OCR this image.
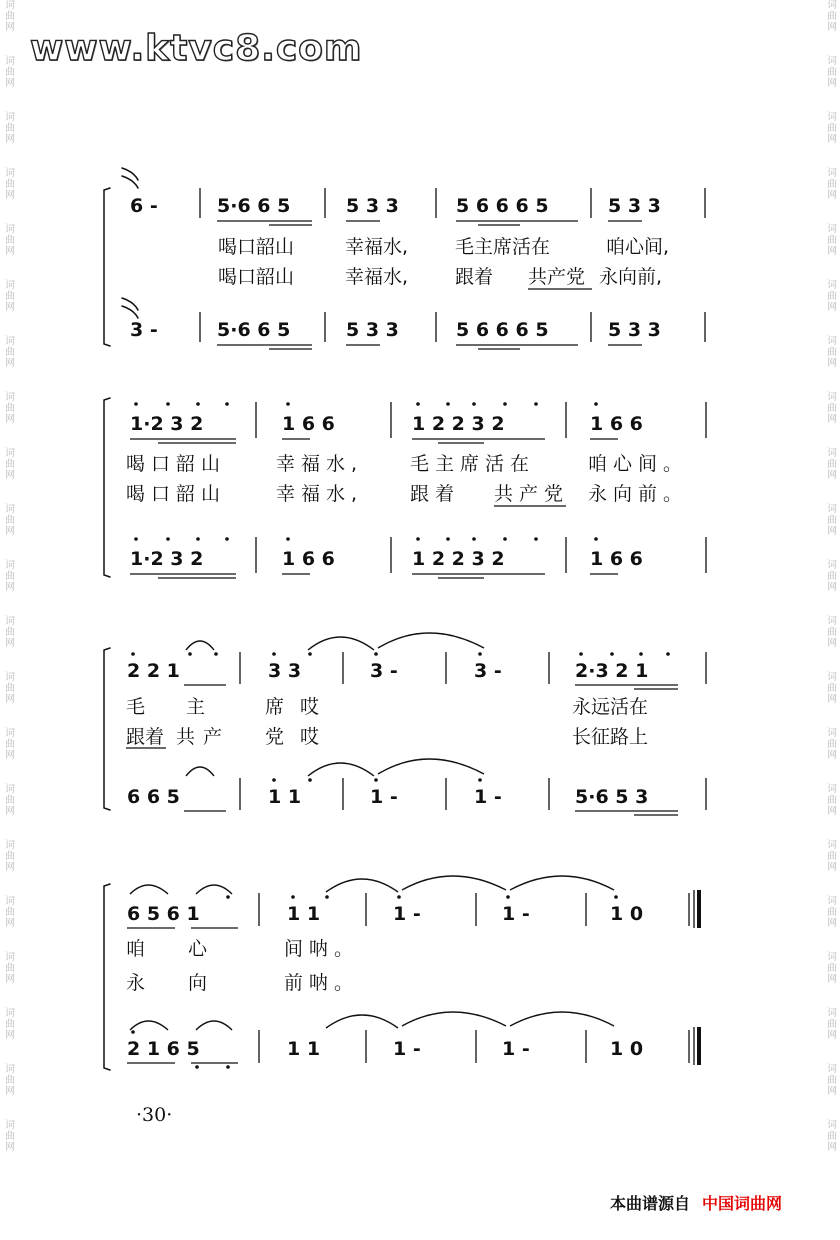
词
曲
网
词
曲
网
词
曲
网
词
曲
网
词
曲
网
词
曲
网
词
曲
网
词
曲
网
词
曲
网
词
曲
网
词
曲
网
词
曲
网
词
曲
网
词
曲
网
词
曲
网
词
曲
网
词
曲
网
词
曲
网
词
曲
网
词
曲
网
词
曲
网
词
曲
网
词
曲
网
词
曲
网
词
曲
网
词
曲
网
词
曲
网
词
曲
网
词
曲
网
词
曲
网
词
曲
网
词
曲
网
词
曲
网
词
曲
网
词
曲
网
词
曲
网
词
曲
网
词
曲
网
词
曲
网
词
曲
网
词
曲
网
词
曲
网
www.ktvc8.com
6 -	5·6 6 5	5 3 3	5 6 6 6 5	5 3 3
3 -	5·6 6 5	5 3 3	5 6 6 6 5	5 3 3
喝口韶山	幸福水, 毛主席活在	咱心间,
喝口韶山	幸福水, 跟着 共产党 永向前,
1·2 3 2	1 6 6	1 2 2 3 2	1 6 6
1·2 3 2	1 6 6	1 2 2 3 2	1 6 6
喝口韶山	幸福水, 毛主席活在	咱心间。
喝口韶山	幸福水, 跟着 共产党 永向前。
2 2 1	3 3	3 -	3 -	2·3 2 1
6 6 5	1 1	1 -	1 -	5·6 5 3
毛 主	席 哎	永远活在
跟着 共 产 党 哎	长征路上
6 5 6 1	1 1	1 -	1 -	1 0
2 1 6 5	1 1	1 -	1 -	1 0
咱 心	间呐。
永 向	前呐。
·30·
本曲谱源自 中国词曲网
